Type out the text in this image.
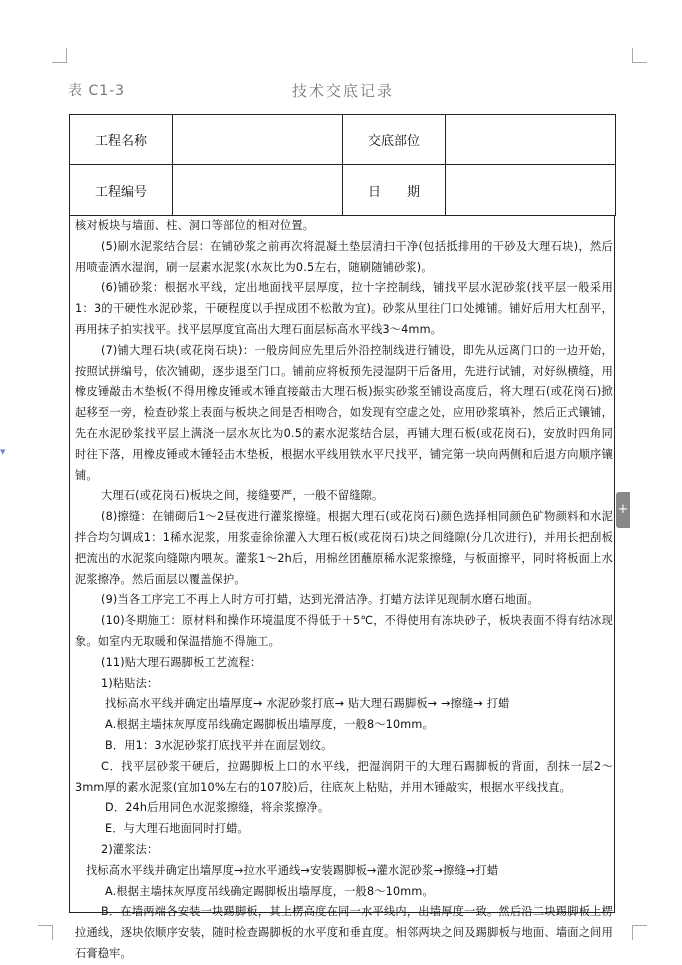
▾
表 C1-3	技术交底记录
工程名称		交底部位	
工程编号		日　　期	

核对板块与墙面、柱、洞口等部位的相对位置。

(5)刷水泥浆结合层：在铺砂浆之前再次将混凝土垫层清扫干净(包括抵排用的干砂及大理石块)，然后用喷壶洒水湿润，刷一层素水泥浆(水灰比为0.5左右，随刷随铺砂浆)。

(6)铺砂浆：根据水平线，定出地面找平层厚度，拉十字控制线，铺找平层水泥砂浆(找平层一般采用1：3的干硬性水泥砂浆，干硬程度以手捏成团不松散为宜)。砂浆从里往门口处摊铺。铺好后用大杠刮平，再用抹子拍实找平。找平层厚度宜高出大理石面层标高水平线3～4mm。

(7)铺大理石块(或花岗石块)：一般房间应先里后外沿控制线进行铺设，即先从远离门口的一边开始，按照试拼编号，依次铺砌，逐步退至门口。铺前应将板预先浸湿阴干后备用，先进行试铺，对好纵横缝，用橡皮锤敲击木垫板(不得用橡皮锤或木锤直接敲击大理石板)振实砂浆至铺设高度后，将大理石(或花岗石)掀起移至一旁，检查砂浆上表面与板块之间是否相吻合，如发现有空虚之处，应用砂浆填补，然后正式镶铺，先在水泥砂浆找平层上满浇一层水灰比为0.5的素水泥浆结合层，再铺大理石板(或花岗石)，安放时四角同时往下落，用橡皮锤或木锤轻击木垫板，根据水平线用铁水平尺找平，铺完第一块向两侧和后退方向顺序镶铺。

大理石(或花岗石)板块之间，接缝要严，一般不留缝隙。

(8)擦缝：在铺砌后1～2昼夜进行灌浆擦缝。根据大理石(或花岗石)颜色选择相同颜色矿物颜料和水泥拌合均匀调成1：1稀水泥浆，用浆壶徐徐灌入大理石板(或花岗石)块之间缝隙(分几次进行)，并用长把刮板把流出的水泥浆向缝隙内喂灰。灌浆1～2h后，用棉丝团蘸原稀水泥浆擦缝，与板面擦平，同时将板面上水泥浆擦净。然后面层以覆盖保护。

(9)当各工序完工不再上人时方可打蜡，达到光滑洁净。打蜡方法详见现制水磨石地面。

(10)冬期施工：原材料和操作环境温度不得低于＋5℃，不得使用有冻块砂子，板块表面不得有结冰现象。如室内无取暖和保温措施不得施工。

(11)贴大理石踢脚板工艺流程：

1)粘贴法：

找标高水平线并确定出墙厚度→ 水泥砂浆打底→ 贴大理石踢脚板→ →擦缝→ 打蜡

A.根据主墙抹灰厚度吊线确定踢脚板出墙厚度，一般8～10mm。

B．用1：3水泥砂浆打底找平并在面层划纹。

C．找平层砂浆干硬后，拉踢脚板上口的水平线，把湿润阴干的大理石踢脚板的背面，刮抹一层2～3mm厚的素水泥浆(宜加10%左右的107胶)后，往底灰上粘贴，并用木锤敲实，根据水平线找直。

D．24h后用同色水泥浆擦缝，将余浆擦净。

E．与大理石地面同时打蜡。

2)灌浆法：

找标高水平线并确定出墙厚度→拉水平通线→安装踢脚板→灌水泥砂浆→擦缝→打蜡

A.根据主墙抹灰厚度吊线确定踢脚板出墙厚度，一般8～10mm。

B．在墙两端各安装一块踢脚板，其上楞高度在同一水平线内，出墙厚度一致。然后沿二块踢脚板上楞拉通线，逐块依顺序安装，随时检查踢脚板的水平度和垂直度。相邻两块之间及踢脚板与地面、墙面之间用石膏稳牢。

+
